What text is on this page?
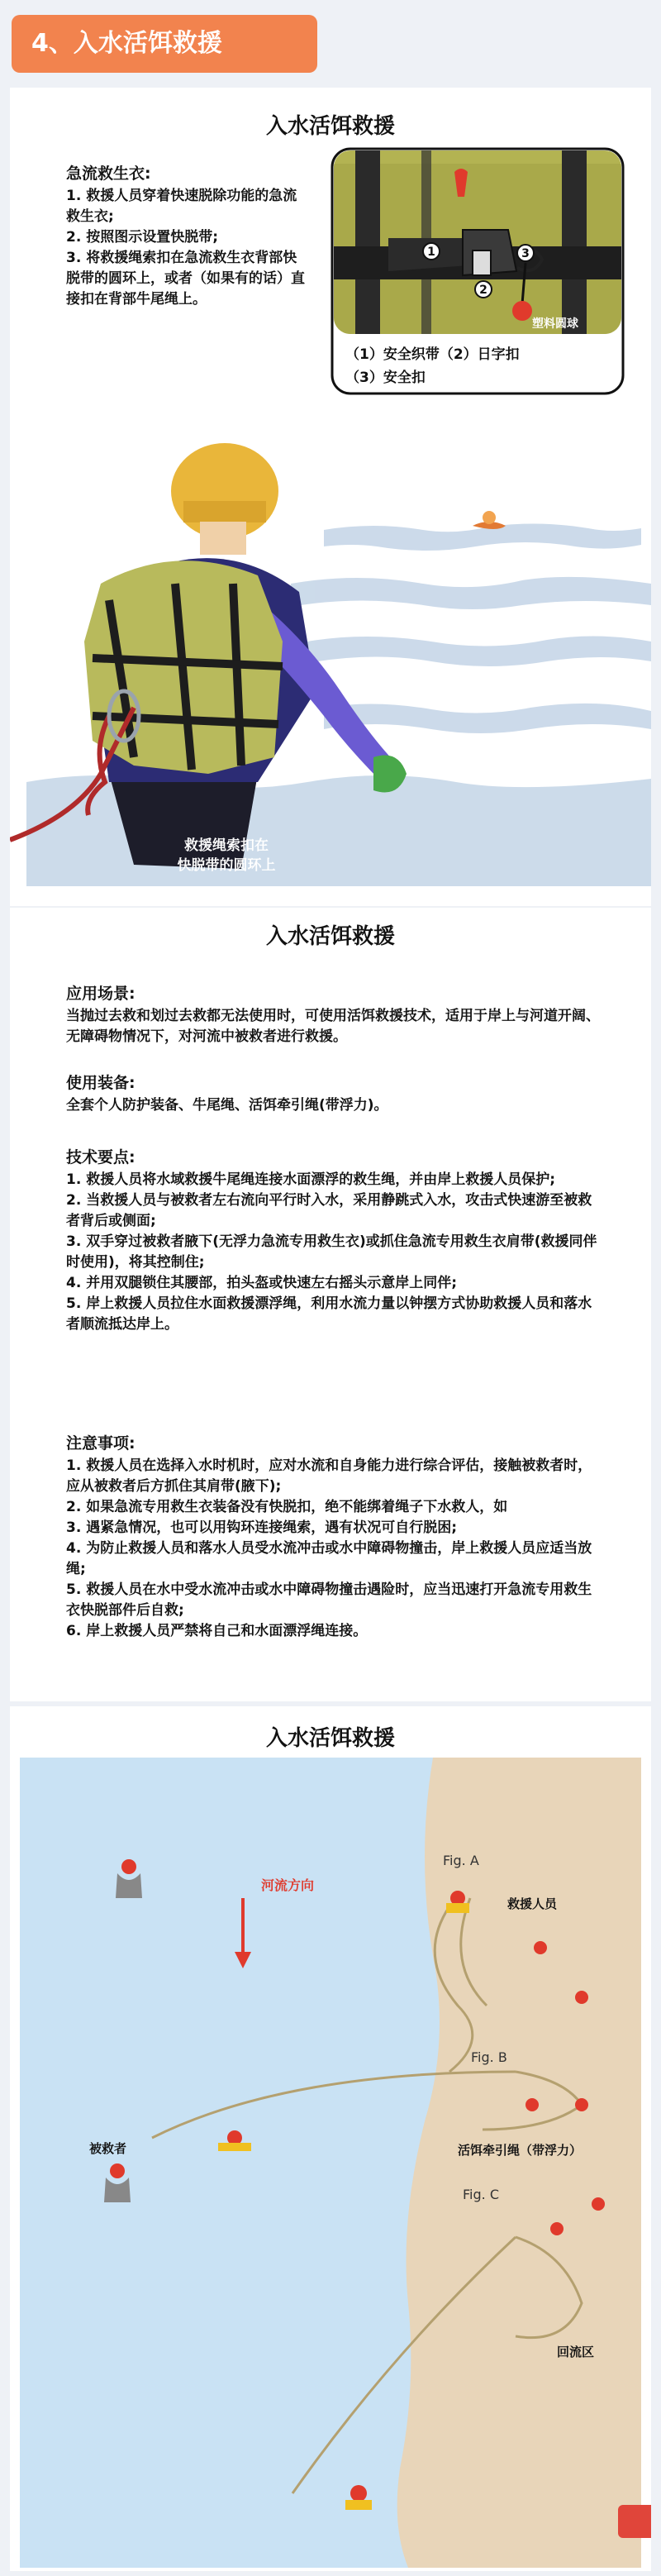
4、入水活饵救援
入水活饵救援
急流救生衣:
1. 救援人员穿着快速脱除功能的急流救生衣;
2. 按照图示设置快脱带;
3. 将救援绳索扣在急流救生衣背部快脱带的圆环上，或者（如果有的话）直接扣在背部牛尾绳上。
1
2
3
塑料圆球
（1）安全织带（2）日字扣
（3）安全扣
救援绳索扣在
快脱带的圆环上
入水活饵救援
应用场景:
当抛过去救和划过去救都无法使用时，可使用活饵救援技术，适用于岸上与河道开阔、无障碍物情况下，对河流中被救者进行救援。
使用装备:
全套个人防护装备、牛尾绳、活饵牵引绳(带浮力)。
技术要点:
1. 救援人员将水域救援牛尾绳连接水面漂浮的救生绳，并由岸上救援人员保护;
2. 当救援人员与被救者左右流向平行时入水，采用静跳式入水，攻击式快速游至被救者背后或侧面;
3. 双手穿过被救者腋下(无浮力急流专用救生衣)或抓住急流专用救生衣肩带(救援同伴时使用)，将其控制住;
4. 并用双腿锁住其腰部，拍头盔或快速左右摇头示意岸上同伴;
5. 岸上救援人员拉住水面救援漂浮绳，利用水流力量以钟摆方式协助救援人员和落水者顺流抵达岸上。
注意事项:
1. 救援人员在选择入水时机时，应对水流和自身能力进行综合评估，接触被救者时，应从被救者后方抓住其肩带(腋下);
2. 如果急流专用救生衣装备没有快脱扣，绝不能绑着绳子下水救人，如
3. 遇紧急情况，也可以用钩环连接绳索，遇有状况可自行脱困;
4. 为防止救援人员和落水人员受水流冲击或水中障碍物撞击，岸上救援人员应适当放绳;
5. 救援人员在水中受水流冲击或水中障碍物撞击遇险时，应当迅速打开急流专用救生衣快脱部件后自救;
6. 岸上救援人员严禁将自己和水面漂浮绳连接。
入水活饵救援
河流方向
Fig. A
Fig. B
Fig. C
救援人员
被救者	活饵牵引绳（带浮力）
回流区
